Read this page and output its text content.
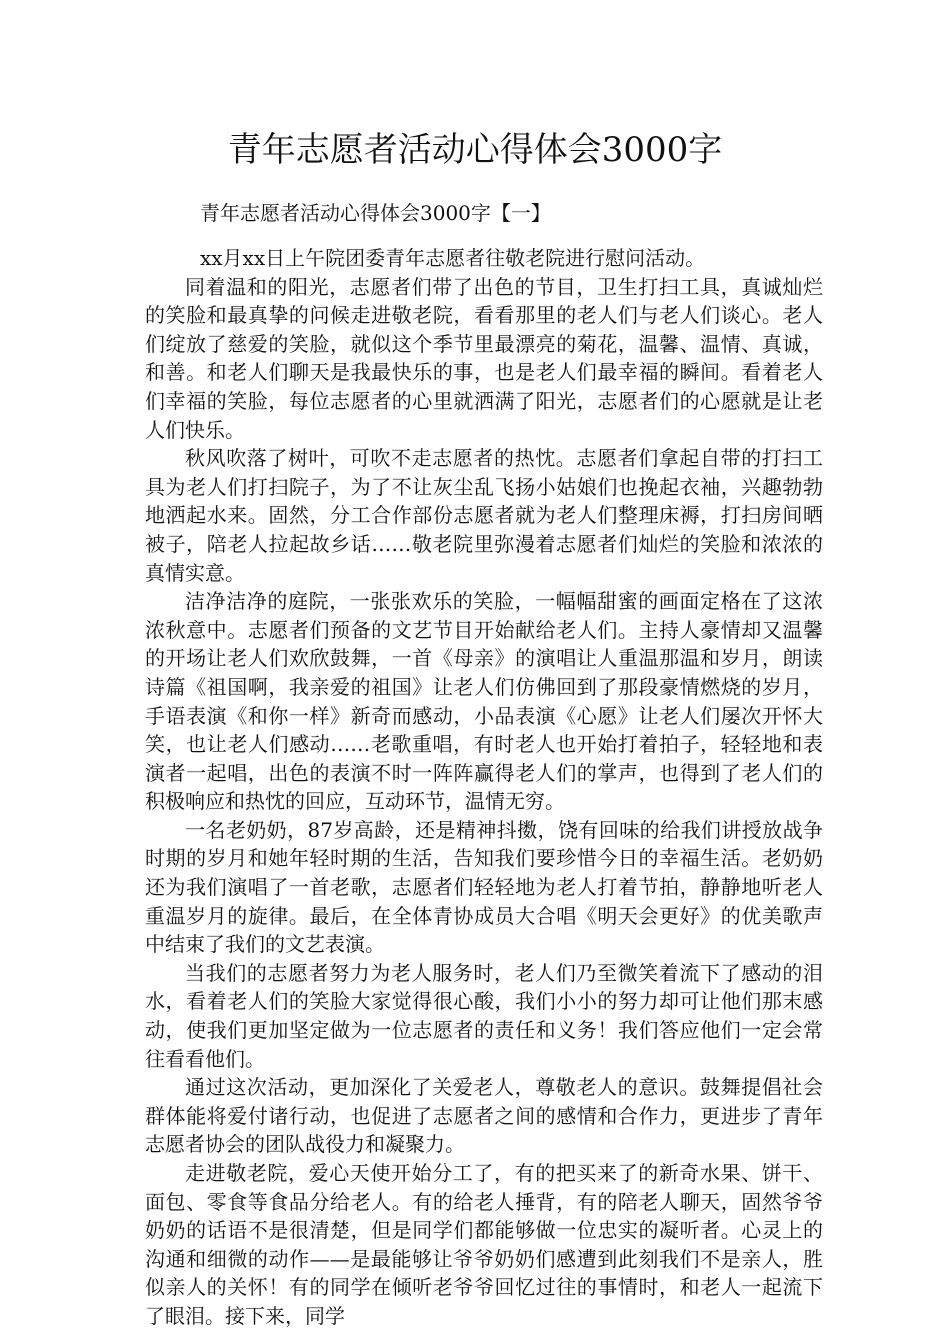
青年志愿者活动心得体会3000字
青年志愿者活动心得体会3000字【一】

xx月xx日上午院团委青年志愿者往敬老院进行慰问活动。

同着温和的阳光，志愿者们带了出色的节目，卫生打扫工具，真诚灿烂的笑脸和最真挚的问候走进敬老院，看看那里的老人们与老人们谈心。老人们绽放了慈爱的笑脸，就似这个季节里最漂亮的菊花，温馨、温情、真诚，和善。和老人们聊天是我最快乐的事，也是老人们最幸福的瞬间。看着老人们幸福的笑脸，每位志愿者的心里就洒满了阳光，志愿者们的心愿就是让老人们快乐。

秋风吹落了树叶，可吹不走志愿者的热忱。志愿者们拿起自带的打扫工具为老人们打扫院子，为了不让灰尘乱飞扬小姑娘们也挽起衣袖，兴趣勃勃地洒起水来。固然，分工合作部份志愿者就为老人们整理床褥，打扫房间晒被子，陪老人拉起故乡话……敬老院里弥漫着志愿者们灿烂的笑脸和浓浓的真情实意。

洁净洁净的庭院，一张张欢乐的笑脸，一幅幅甜蜜的画面定格在了这浓浓秋意中。志愿者们预备的文艺节目开始献给老人们。主持人豪情却又温馨的开场让老人们欢欣鼓舞，一首《母亲》的演唱让人重温那温和岁月，朗读诗篇《祖国啊，我亲爱的祖国》让老人们仿佛回到了那段豪情燃烧的岁月，手语表演《和你一样》新奇而感动，小品表演《心愿》让老人们屡次开怀大笑，也让老人们感动……老歌重唱，有时老人也开始打着拍子，轻轻地和表演者一起唱，出色的表演不时一阵阵赢得老人们的掌声，也得到了老人们的积极响应和热忱的回应，互动环节，温情无穷。

一名老奶奶，87岁高龄，还是精神抖擞，饶有回味的给我们讲授放战争时期的岁月和她年轻时期的生活，告知我们要珍惜今日的幸福生活。老奶奶还为我们演唱了一首老歌，志愿者们轻轻地为老人打着节拍，静静地听老人重温岁月的旋律。最后，在全体青协成员大合唱《明天会更好》的优美歌声中结束了我们的文艺表演。

当我们的志愿者努力为老人服务时，老人们乃至微笑着流下了感动的泪水，看着老人们的笑脸大家觉得很心酸，我们小小的努力却可让他们那末感动，使我们更加坚定做为一位志愿者的责任和义务！我们答应他们一定会常往看看他们。

通过这次活动，更加深化了关爱老人，尊敬老人的意识。鼓舞提倡社会群体能将爱付诸行动，也促进了志愿者之间的感情和合作力，更进步了青年志愿者协会的团队战役力和凝聚力。

走进敬老院，爱心天使开始分工了，有的把买来了的新奇水果、饼干、面包、零食等食品分给老人。有的给老人捶背，有的陪老人聊天，固然爷爷奶奶的话语不是很清楚，但是同学们都能够做一位忠实的凝听者。心灵上的沟通和细微的动作——是最能够让爷爷奶奶们感遭到此刻我们不是亲人，胜似亲人的关怀！有的同学在倾听老爷爷回忆过往的事情时，和老人一起流下了眼泪。接下来，同学
